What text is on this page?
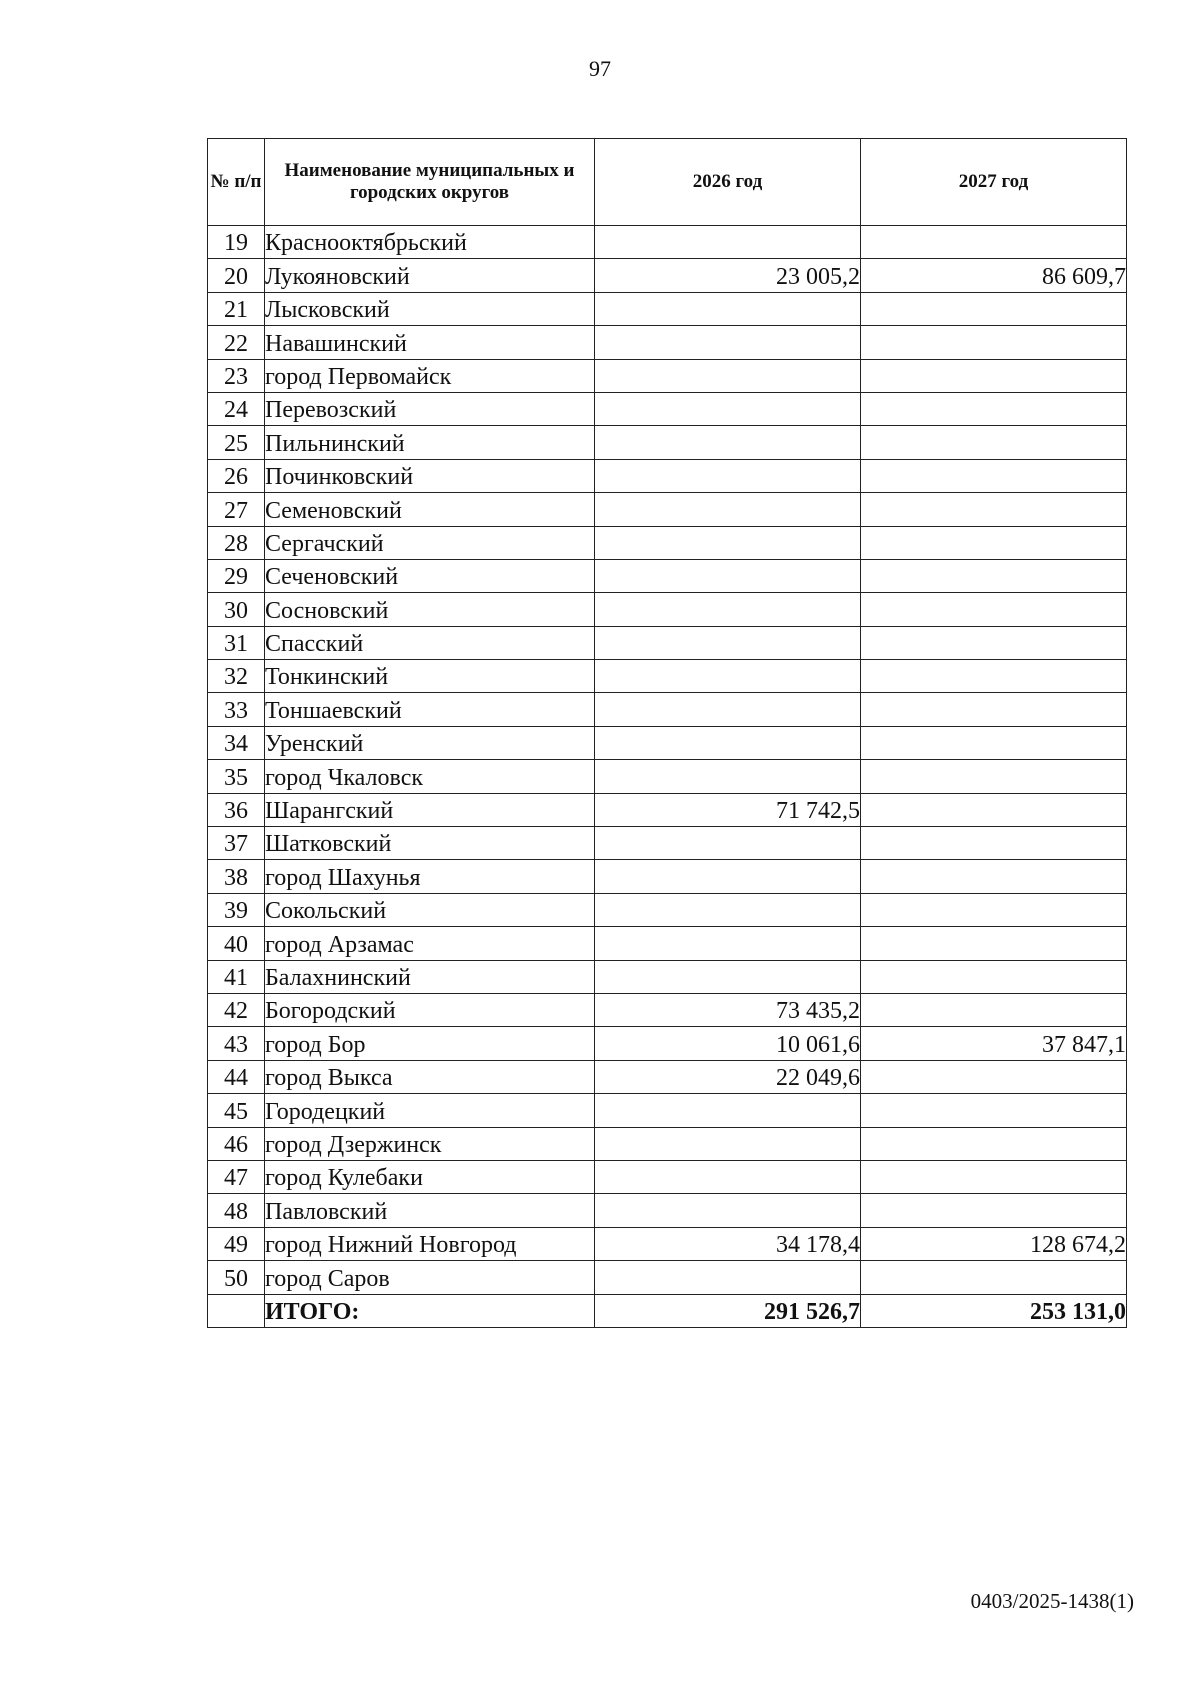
97
№ п/п	Наименование муниципальных и городских округов	2026 год	2027 год
19	Краснооктябрьский		
20	Лукояновский	23 005,2	86 609,7
21	Лысковский		
22	Навашинский		
23	город Первомайск		
24	Перевозский		
25	Пильнинский		
26	Починковский		
27	Семеновский		
28	Сергачский		
29	Сеченовский		
30	Сосновский		
31	Спасский		
32	Тонкинский		
33	Тоншаевский		
34	Уренский		
35	город Чкаловск		
36	Шарангский	71 742,5	
37	Шатковский		
38	город Шахунья		
39	Сокольский		
40	город Арзамас		
41	Балахнинский		
42	Богородский	73 435,2	
43	город Бор	10 061,6	37 847,1
44	город Выкса	22 049,6	
45	Городецкий		
46	город Дзержинск		
47	город Кулебаки		
48	Павловский		
49	город Нижний Новгород	34 178,4	128 674,2
50	город Саров		
	ИТОГО:	291 526,7	253 131,0
0403/2025-1438(1)
